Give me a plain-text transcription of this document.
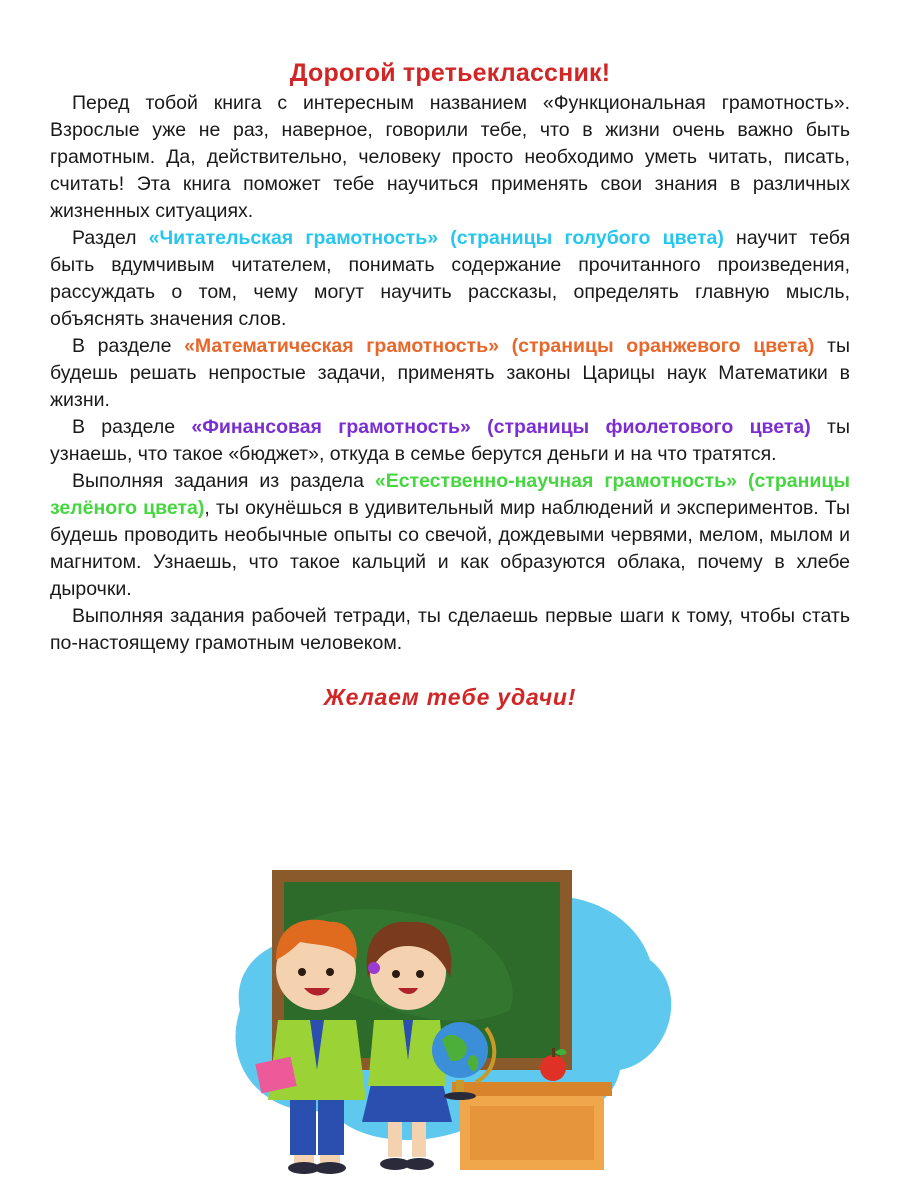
Дорогой третьеклассник!

Перед тобой книга с интересным названием «Функциональная грамотность». Взрослые уже не раз, наверное, говорили тебе, что в жизни очень важно быть грамотным. Да, действительно, человеку просто необходимо уметь читать, писать, считать! Эта книга поможет тебе научиться применять свои знания в различных жизненных ситуациях.

Раздел «Читательская грамотность» (страницы голубого цвета) научит тебя быть вдумчивым читателем, понимать содержание прочитанного произведения, рассуждать о том, чему могут научить рассказы, определять главную мысль, объяснять значения слов.

В разделе «Математическая грамотность» (страницы оранжевого цвета) ты будешь решать непростые задачи, применять законы Царицы наук Математики в жизни.

В разделе «Финансовая грамотность» (страницы фиолетового цвета) ты узнаешь, что такое «бюджет», откуда в семье берутся деньги и на что тратятся.

Выполняя задания из раздела «Естественно-научная грамотность» (страницы зелёного цвета), ты окунёшься в удивительный мир наблюдений и экспериментов. Ты будешь проводить необычные опыты со свечой, дождевыми червями, мелом, мылом и магнитом. Узнаешь, что такое кальций и как образуются облака, почему в хлебе дырочки.

Выполняя задания рабочей тетради, ты сделаешь первые шаги к тому, чтобы стать по-настоящему грамотным человеком.

Желаем тебе удачи!
